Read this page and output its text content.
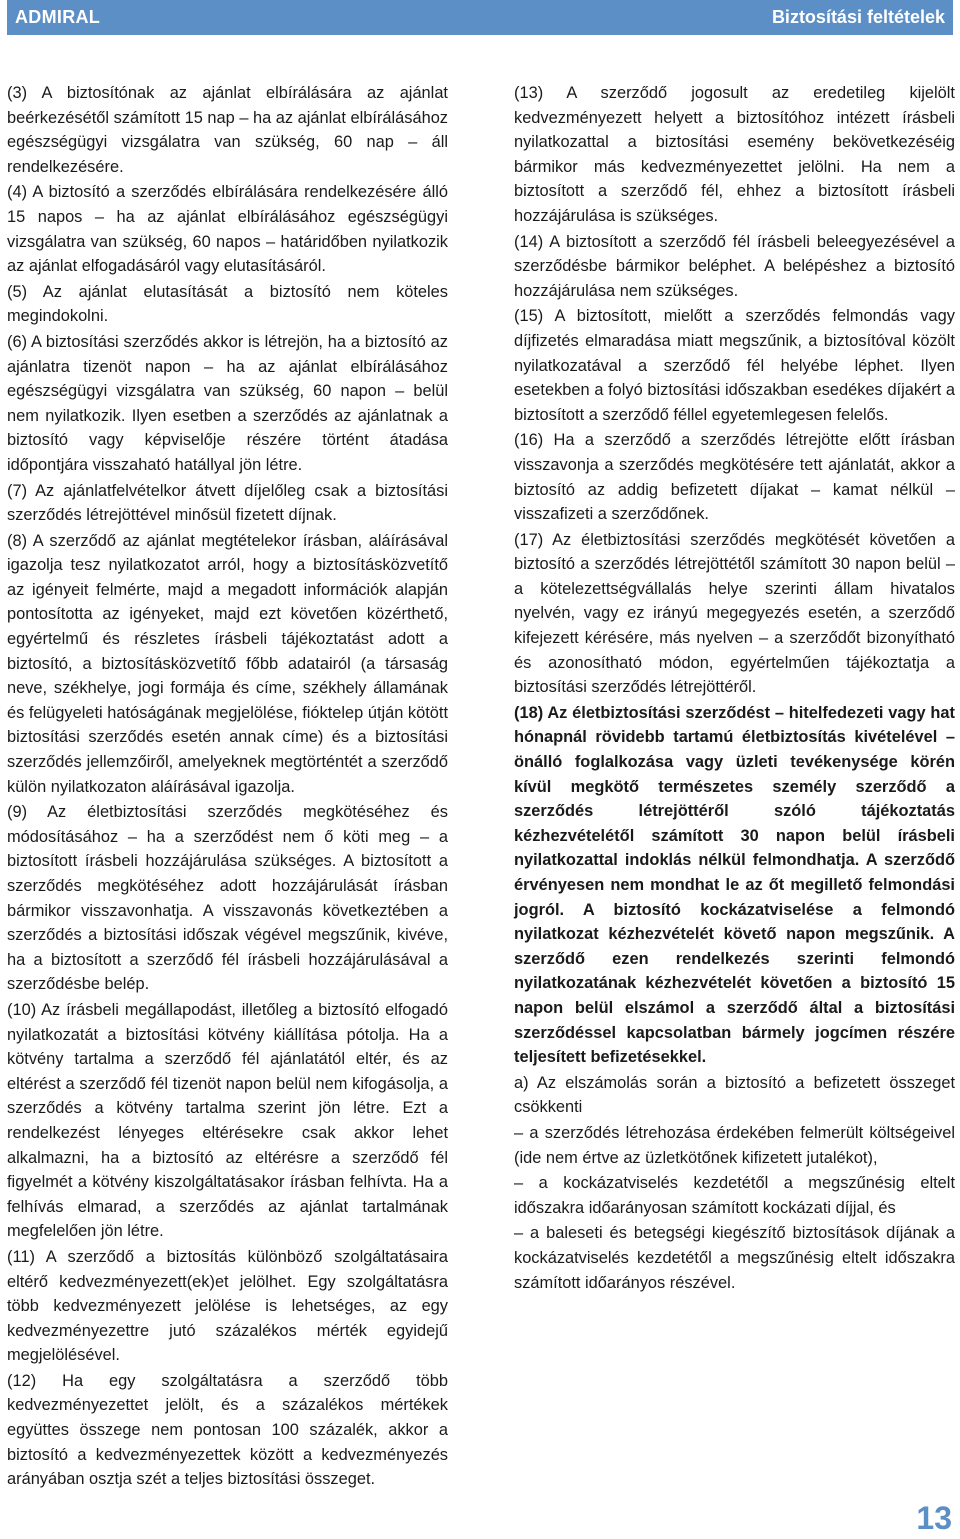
ADMIRAL	Biztosítási feltételek

(3) A biztosítónak az ajánlat elbírálására az ajánlat beérkezésétől számított 15 nap – ha az ajánlat elbírálásához egészségügyi vizsgálatra van szükség, 60 nap – áll rendelkezésére.

(4) A biztosító a szerződés elbírálására rendelkezésére álló 15 napos – ha az ajánlat elbírálásához egészségügyi vizsgálatra van szükség, 60 napos – határidőben nyilatkozik az ajánlat elfogadásáról vagy elutasításáról.

(5) Az ajánlat elutasítását a biztosító nem köteles megindokolni.

(6) A biztosítási szerződés akkor is létrejön, ha a biztosító az ajánlatra tizenöt napon – ha az ajánlat elbírálásához egészségügyi vizsgálatra van szükség, 60 napon – belül nem nyilatkozik. Ilyen esetben a szerződés az ajánlatnak a biztosító vagy képviselője részére történt átadása időpontjára visszaható hatállyal jön létre.

(7) Az ajánlatfelvételkor átvett díjelőleg csak a biztosítási szerződés létrejöttével minősül fizetett díjnak.

(8) A szerződő az ajánlat megtételekor írásban, aláírásával igazolja tesz nyilatkozatot arról, hogy a biztosításközvetítő az igényeit felmérte, majd a megadott információk alapján pontosította az igényeket, majd ezt követően közérthető, egyértelmű és részletes írásbeli tájékoztatást adott a biztosító, a biztosításközvetítő főbb adatairól (a társaság neve, székhelye, jogi formája és címe, székhely államának és felügyeleti hatóságának megjelölése, fióktelep útján kötött biztosítási szerződés esetén annak címe) és a biztosítási szerződés jellemzőiről, amelyeknek megtörténtét a szerződő külön nyilatkozaton aláírásával igazolja.

(9) Az életbiztosítási szerződés megkötéséhez és módosításához – ha a szerződést nem ő köti meg – a biztosított írásbeli hozzájárulása szükséges. A biztosított a szerződés megkötéséhez adott hozzájárulását írásban bármikor visszavonhatja. A visszavonás következtében a szerződés a biztosítási időszak végével megszűnik, kivéve, ha a biztosított a szerződő fél írásbeli hozzájárulásával a szerződésbe belép.

(10) Az írásbeli megállapodást, illetőleg a biztosító elfogadó nyilatkozatát a biztosítási kötvény kiállítása pótolja. Ha a kötvény tartalma a szerződő fél ajánlatától eltér, és az eltérést a szerződő fél tizenöt napon belül nem kifogásolja, a szerződés a kötvény tartalma szerint jön létre. Ezt a rendelkezést lényeges eltérésekre csak akkor lehet alkalmazni, ha a biztosító az eltérésre a szerződő fél figyelmét a kötvény kiszolgáltatásakor írásban felhívta. Ha a felhívás elmarad, a szerződés az ajánlat tartalmának megfelelően jön létre.

(11) A szerződő a biztosítás különböző szolgáltatásaira eltérő kedvezményezett(ek)et jelölhet. Egy szolgáltatásra több kedvezményezett jelölése is lehetséges, az egy kedvezményezettre jutó százalékos mérték egyidejű megjelölésével.

(12) Ha egy szolgáltatásra a szerződő több kedvezményezettet jelölt, és a százalékos mértékek együttes összege nem pontosan 100 százalék, akkor a biztosító a kedvezményezettek között a kedvezményezés arányában osztja szét a teljes biztosítási összeget.

(13) A szerződő jogosult az eredetileg kijelölt kedvezményezett helyett a biztosítóhoz intézett írásbeli nyilatkozattal a biztosítási esemény bekövetkezéséig bármikor más kedvezményezettet jelölni. Ha nem a biztosított a szerződő fél, ehhez a biztosított írásbeli hozzájárulása is szükséges.

(14) A biztosított a szerződő fél írásbeli beleegyezésével a szerződésbe bármikor beléphet. A belépéshez a biztosító hozzájárulása nem szükséges.

(15) A biztosított, mielőtt a szerződés felmondás vagy díjfizetés elmaradása miatt megszűnik, a biztosítóval közölt nyilatkozatával a szerződő fél helyébe léphet. Ilyen esetekben a folyó biztosítási időszakban esedékes díjakért a biztosított a szerződő féllel egyetemlegesen felelős.

(16) Ha a szerződő a szerződés létrejötte előtt írásban visszavonja a szerződés megkötésére tett ajánlatát, akkor a biztosító az addig befizetett díjakat – kamat nélkül – visszafizeti a szerződőnek.

(17) Az életbiztosítási szerződés megkötését követően a biztosító a szerződés létrejöttétől számított 30 napon belül – a kötelezettségvállalás helye szerinti állam hivatalos nyelvén, vagy ez irányú megegyezés esetén, a szerződő kifejezett kérésére, más nyelven – a szerződőt bizonyítható és azonosítható módon, egyértelműen tájékoztatja a biztosítási szerződés létrejöttéről.

(18) Az életbiztosítási szerződést – hitelfedezeti vagy hat hónapnál rövidebb tartamú életbiztosítás kivételével – önálló foglalkozása vagy üzleti tevékenysége körén kívül megkötő természetes személy szerződő a szerződés létrejöttéről szóló tájékoztatás kézhezvételétől számított 30 napon belül írásbeli nyilatkozattal indoklás nélkül felmondhatja. A szerződő érvényesen nem mondhat le az őt megillető felmondási jogról. A biztosító kockázatviselése a felmondó nyilatkozat kézhezvételét követő napon megszűnik. A szerződő ezen rendelkezés szerinti felmondó nyilatkozatának kézhezvételét követően a biztosító 15 napon belül elszámol a szerződő által a biztosítási szerződéssel kapcsolatban bármely jogcímen részére teljesített befizetésekkel.

a) Az elszámolás során a biztosító a befizetett összeget csökkenti

– a szerződés létrehozása érdekében felmerült költségeivel (ide nem értve az üzletkötőnek kifizetett jutalékot),

– a kockázatviselés kezdetétől a megszűnésig eltelt időszakra időarányosan számított kockázati díjjal, és

– a baleseti és betegségi kiegészítő biztosítások díjának a kockázatviselés kezdetétől a megszűnésig eltelt időszakra számított időarányos részével.

13
